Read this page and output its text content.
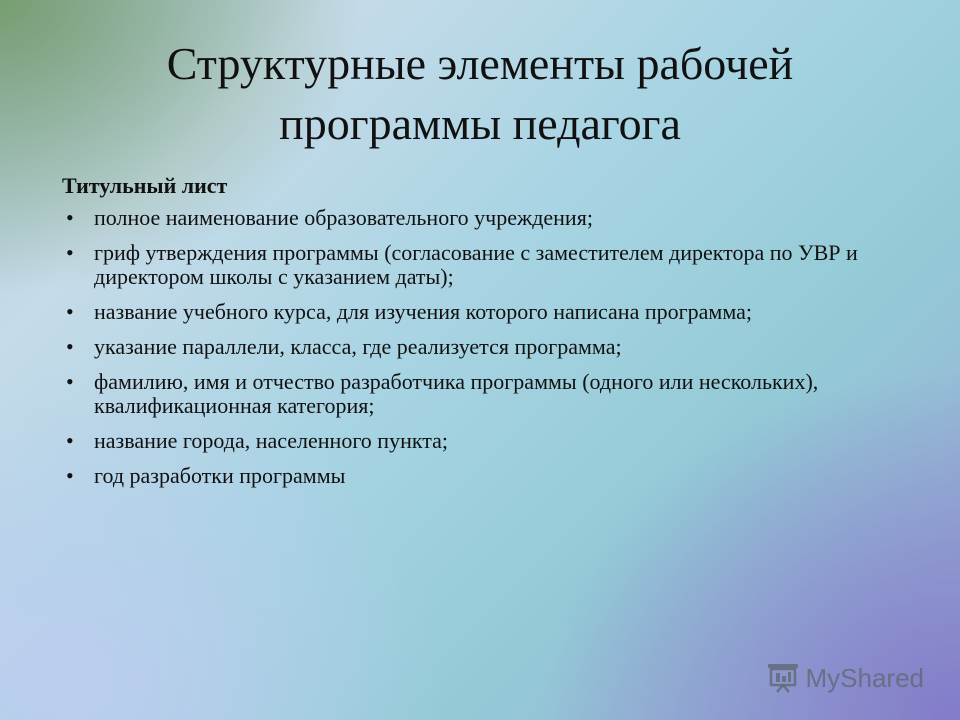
Структурные элементы рабочей
программы педагога
Титульный лист
• полное наименование образовательного учреждения;
• гриф утверждения программы (согласование с заместителем директора по УВР и директором школы с указанием даты);
• название учебного курса, для изучения которого написана программа;
• указание параллели, класса, где реализуется программа;
• фамилию, имя и отчество разработчика программы (одного или нескольких), квалификационная категория;
• название города, населенного пункта;
• год разработки программы
MyShared
